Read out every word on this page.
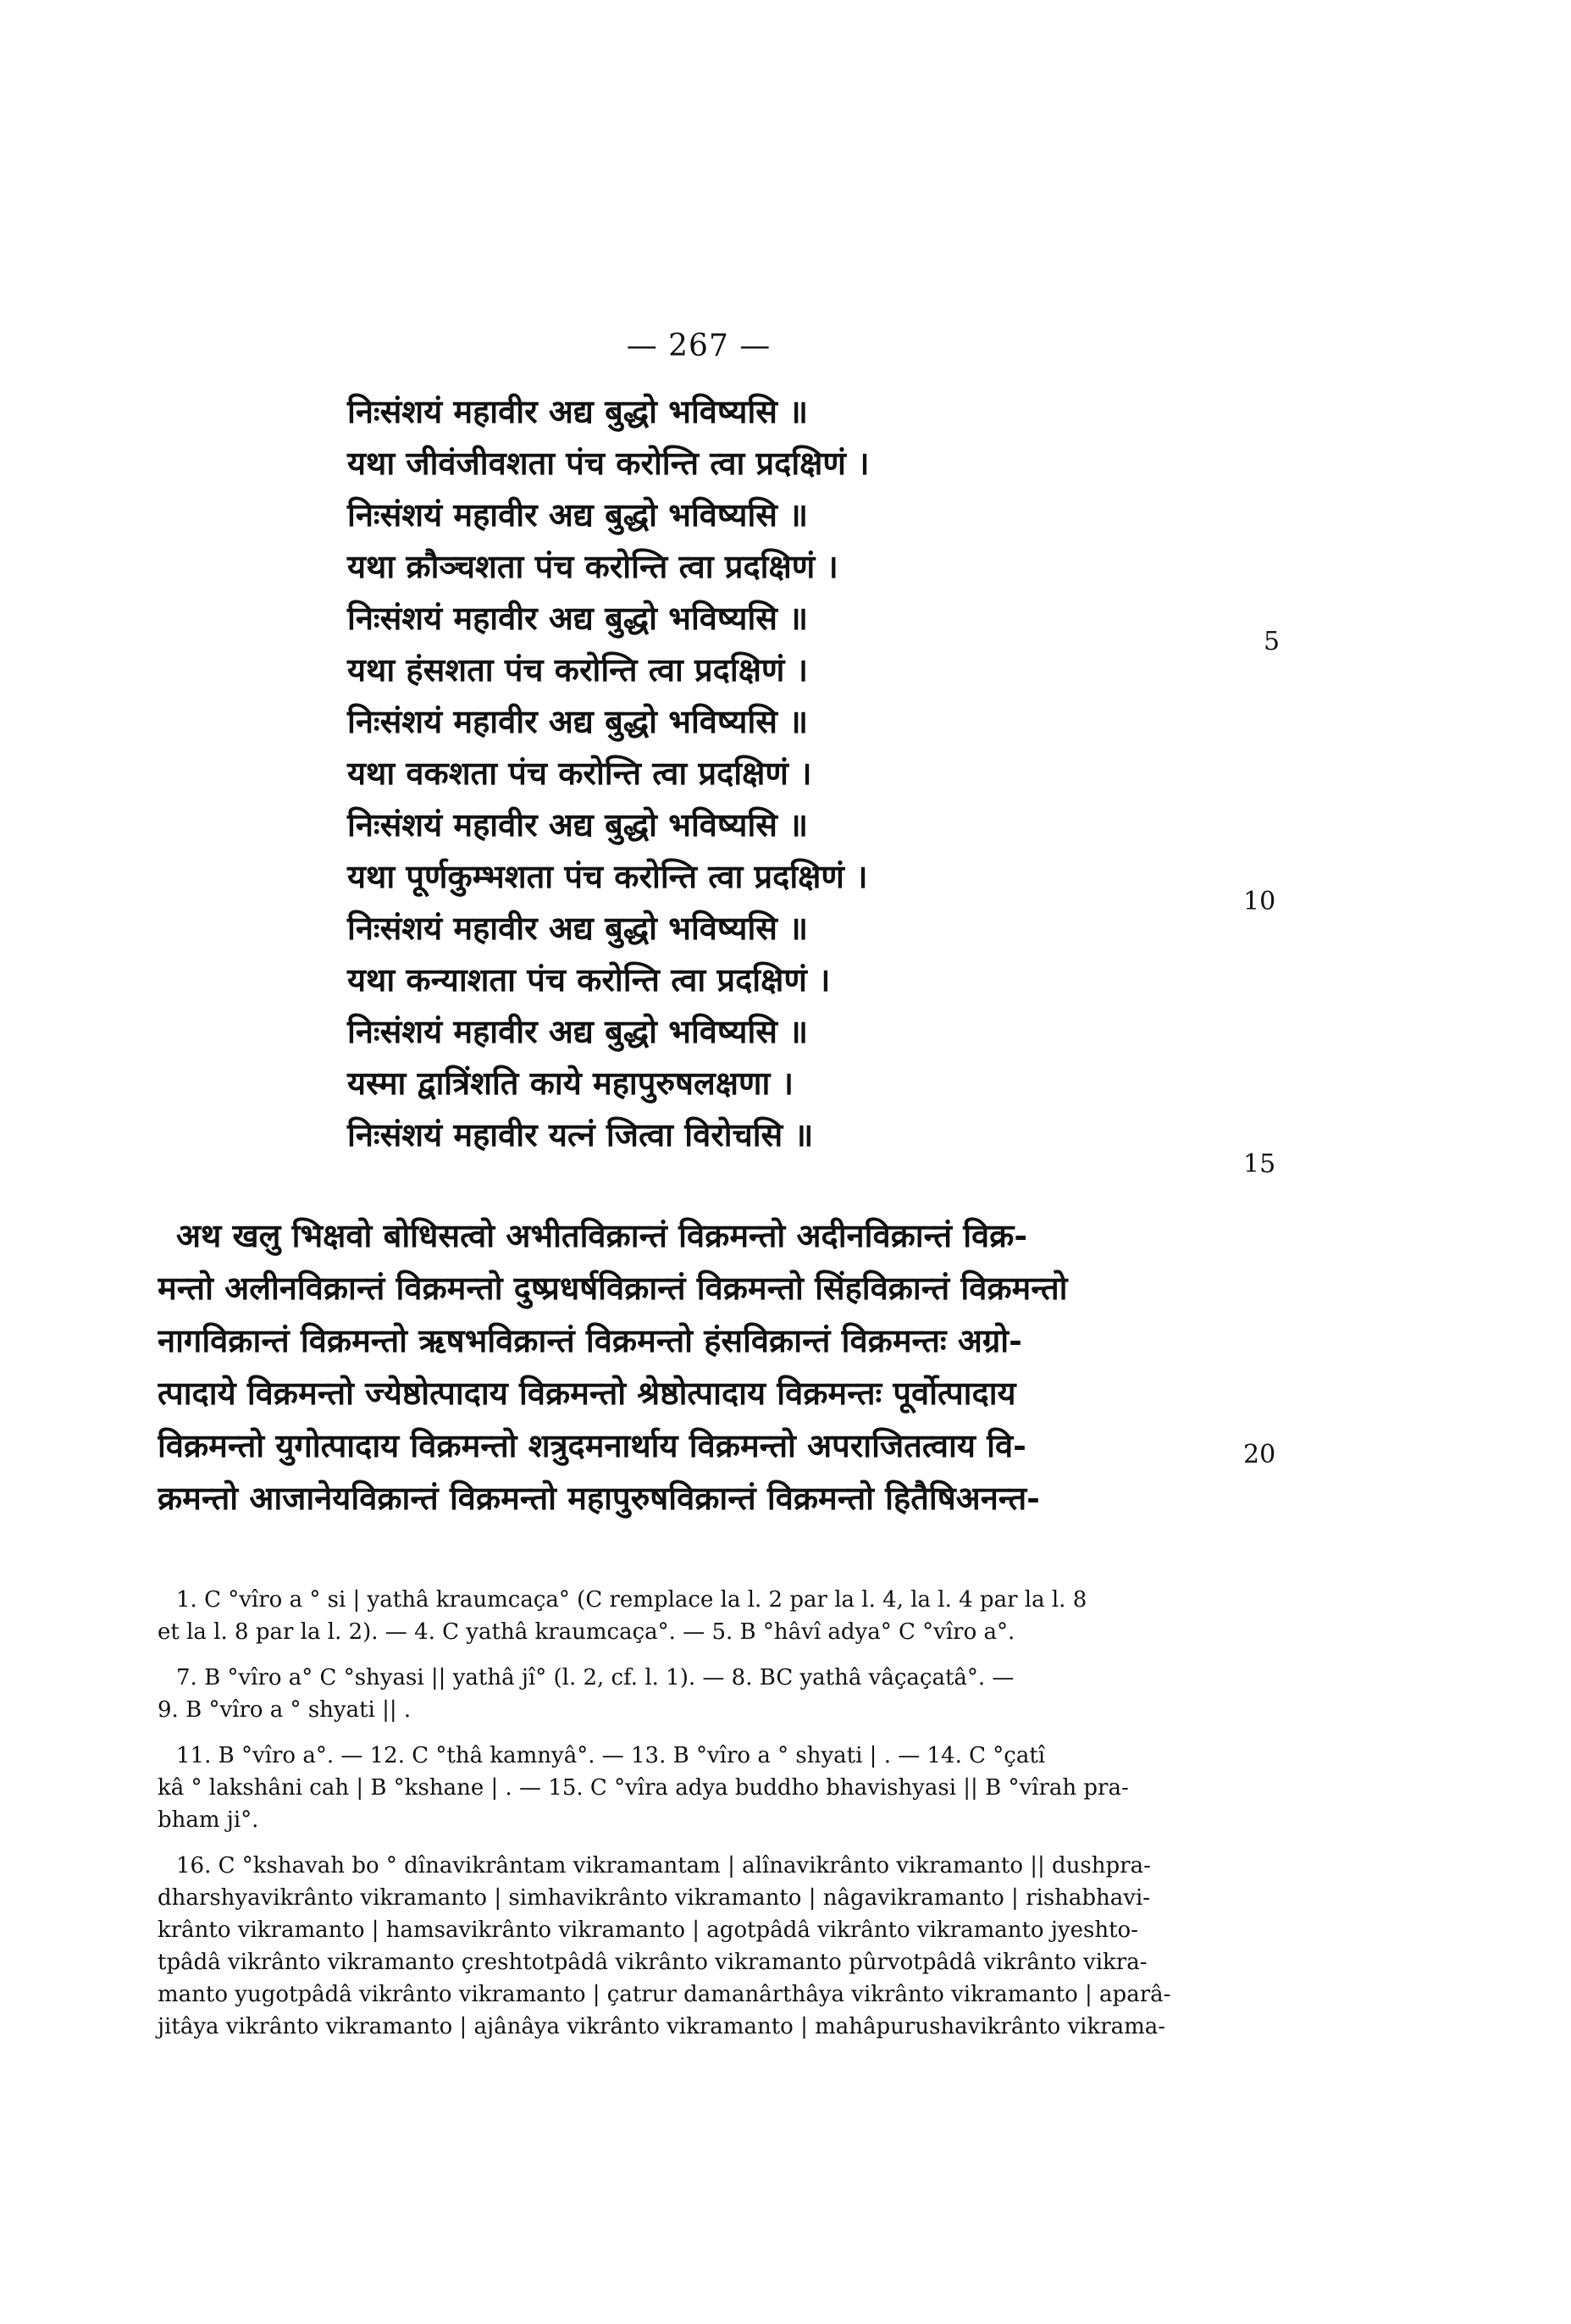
— 267 —
निःसंशयं महावीर अद्य बुद्धो भविष्यसि ॥
यथा जीवंजीवशता पंच करोन्ति त्वा प्रदक्षिणं ।
निःसंशयं महावीर अद्य बुद्धो भविष्यसि ॥
यथा क्रौञ्चशता पंच करोन्ति त्वा प्रदक्षिणं ।
निःसंशयं महावीर अद्य बुद्धो भविष्यसि ॥
यथा हंसशता पंच करोन्ति त्वा प्रदक्षिणं ।
निःसंशयं महावीर अद्य बुद्धो भविष्यसि ॥
यथा वकशता पंच करोन्ति त्वा प्रदक्षिणं ।
निःसंशयं महावीर अद्य बुद्धो भविष्यसि ॥
यथा पूर्णकुम्भशता पंच करोन्ति त्वा प्रदक्षिणं ।
निःसंशयं महावीर अद्य बुद्धो भविष्यसि ॥
यथा कन्याशता पंच करोन्ति त्वा प्रदक्षिणं ।
निःसंशयं महावीर अद्य बुद्धो भविष्यसि ॥
यस्मा द्वात्रिंशति काये महापुरुषलक्षणा ।
निःसंशयं महावीर यत्नं जित्वा विरोचसि ॥
5
10
15
20
अथ खलु भिक्षवो बोधिसत्वो अभीतविक्रान्तं विक्रमन्तो अदीनविक्रान्तं विक्र-
मन्तो अलीनविक्रान्तं विक्रमन्तो दुष्प्रधर्षविक्रान्तं विक्रमन्तो सिंहविक्रान्तं विक्रमन्तो
नागविक्रान्तं विक्रमन्तो ऋषभविक्रान्तं विक्रमन्तो हंसविक्रान्तं विक्रमन्तः अग्रो-
त्पादाये विक्रमन्तो ज्येष्ठोत्पादाय विक्रमन्तो श्रेष्ठोत्पादाय विक्रमन्तः पूर्वोत्पादाय
विक्रमन्तो युगोत्पादाय विक्रमन्तो शत्रुदमनार्थाय विक्रमन्तो अपराजितत्वाय वि-
क्रमन्तो आजानेयविक्रान्तं विक्रमन्तो महापुरुषविक्रान्तं विक्रमन्तो हितैषिअनन्त-
1. C °vîro a ° si | yathâ kraumcaça° (C remplace la l. 2 par la l. 4, la l. 4 par la l. 8
et la l. 8 par la l. 2). — 4. C yathâ kraumcaça°. — 5. B °hâvî adya° C °vîro a°.
7. B °vîro a° C °shyasi || yathâ jî° (l. 2, cf. l. 1). — 8. BC yathâ vâçaçatâ°. —
9. B °vîro a ° shyati || .
11. B °vîro a°. — 12. C °thâ kamnyâ°. — 13. B °vîro a ° shyati | . — 14. C °çatî
kâ ° lakshâni cah | B °kshane | . — 15. C °vîra adya buddho bhavishyasi || B °vîrah pra-
bham ji°.
16. C °kshavah bo ° dînavikrântam vikramantam | alînavikrânto vikramanto || dushpra-
dharshyavikrânto vikramanto | simhavikrânto vikramanto | nâgavikramanto | rishabhavi-
krânto vikramanto | hamsavikrânto vikramanto | agotpâdâ vikrânto vikramanto jyeshto-
tpâdâ vikrânto vikramanto çreshtotpâdâ vikrânto vikramanto pûrvotpâdâ vikrânto vikra-
manto yugotpâdâ vikrânto vikramanto | çatrur damanârthâya vikrânto vikramanto | aparâ-
jitâya vikrânto vikramanto | ajânâya vikrânto vikramanto | mahâpurushavikrânto vikrama-
